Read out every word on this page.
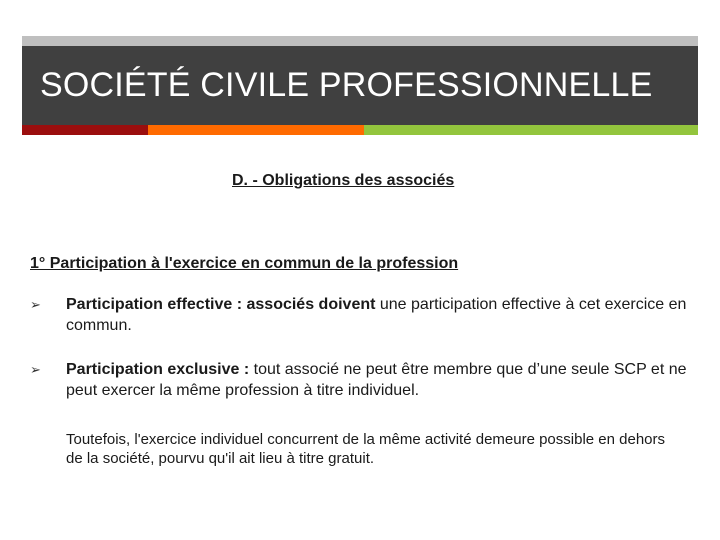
SOCIÉTÉ CIVILE PROFESSIONNELLE
D. - Obligations des associés
1° Participation à l'exercice en commun de la profession
➢ Participation effective : associés doivent une participation effective à cet exercice en commun.
➢ Participation exclusive : tout associé ne peut être membre que d’une seule SCP et ne peut exercer la même profession à titre individuel.
Toutefois, l'exercice individuel concurrent de la même activité demeure possible en dehors de la société, pourvu qu'il ait lieu à titre gratuit.
